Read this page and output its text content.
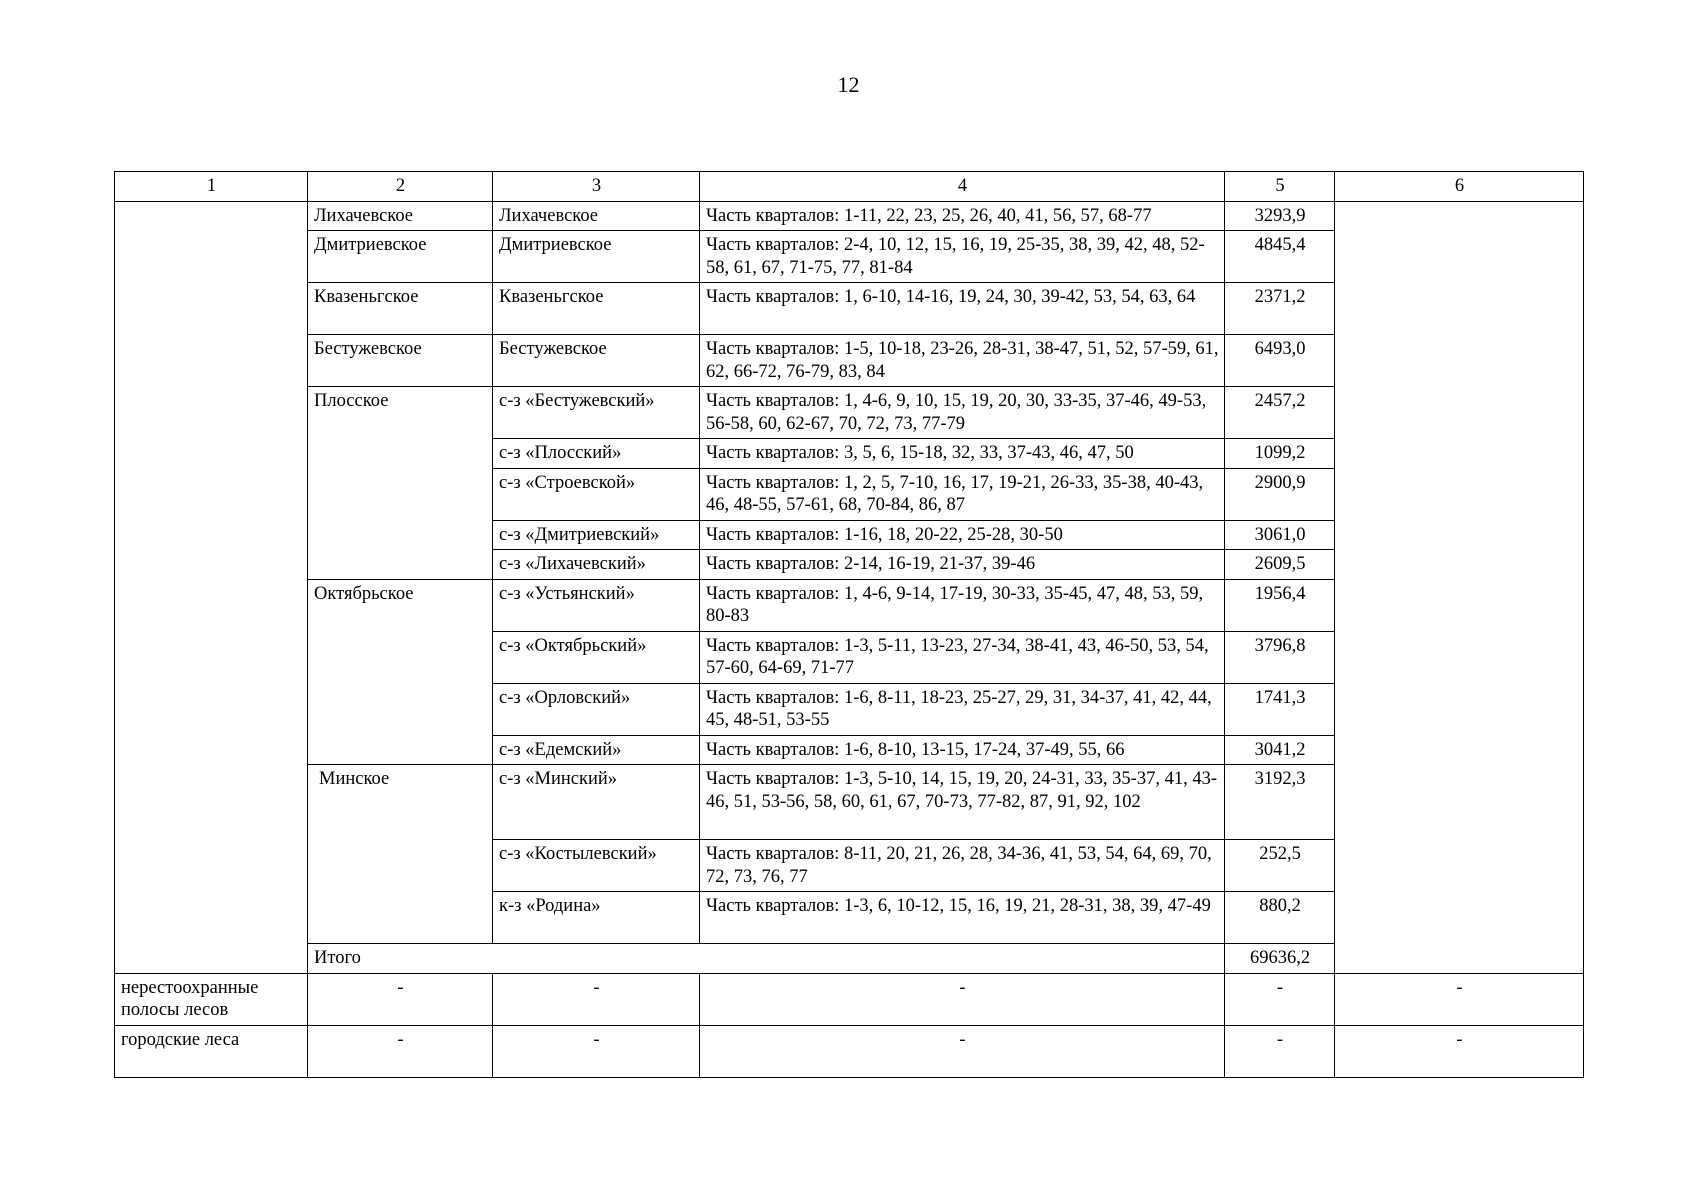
12
1	2	3	4	5	6
	Лихачевское	Лихачевское	Часть кварталов: 1-11, 22, 23, 25, 26, 40, 41, 56, 57, 68-77	3293,9	
	Дмитриевское	Дмитриевское	Часть кварталов: 2-4, 10, 12, 15, 16, 19, 25-35, 38, 39, 42, 48, 52-58, 61, 67, 71-75, 77, 81-84	4845,4	
	Квазеньгское	Квазеньгское	Часть кварталов: 1, 6-10, 14-16, 19, 24, 30, 39-42, 53, 54, 63, 64	2371,2	
	Бестужевское	Бестужевское	Часть кварталов: 1-5, 10-18, 23-26, 28-31, 38-47, 51, 52, 57-59, 61, 62, 66-72, 76-79, 83, 84	6493,0	
	Плосское	с-з «Бестужевский»	Часть кварталов: 1, 4-6, 9, 10, 15, 19, 20, 30, 33-35, 37-46, 49-53, 56-58, 60, 62-67, 70, 72, 73, 77-79	2457,2	
		с-з «Плосский»	Часть кварталов: 3, 5, 6, 15-18, 32, 33, 37-43, 46, 47, 50	1099,2	
		с-з «Строевской»	Часть кварталов: 1, 2, 5, 7-10, 16, 17, 19-21, 26-33, 35-38, 40-43, 46, 48-55, 57-61, 68, 70-84, 86, 87	2900,9	
		с-з «Дмитриевский»	Часть кварталов: 1-16, 18, 20-22, 25-28, 30-50	3061,0	
		с-з «Лихачевский»	Часть кварталов: 2-14, 16-19, 21-37, 39-46	2609,5	
	Октябрьское	с-з «Устьянский»	Часть кварталов: 1, 4-6, 9-14, 17-19, 30-33, 35-45, 47, 48, 53, 59, 80-83	1956,4	
		с-з «Октябрьский»	Часть кварталов: 1-3, 5-11, 13-23, 27-34, 38-41, 43, 46-50, 53, 54, 57-60, 64-69, 71-77	3796,8	
		с-з «Орловский»	Часть кварталов: 1-6, 8-11, 18-23, 25-27, 29, 31, 34-37, 41, 42, 44, 45, 48-51, 53-55	1741,3	
		с-з «Едемский»	Часть кварталов: 1-6, 8-10, 13-15, 17-24, 37-49, 55, 66	3041,2	
	Минское	с-з «Минский»	Часть кварталов: 1-3, 5-10, 14, 15, 19, 20, 24-31, 33, 35-37, 41, 43-46, 51, 53-56, 58, 60, 61, 67, 70-73, 77-82, 87, 91, 92, 102	3192,3	
		с-з «Костылевский»	Часть кварталов: 8-11, 20, 21, 26, 28, 34-36, 41, 53, 54, 64, 69, 70, 72, 73, 76, 77	252,5	
		к-з «Родина»	Часть кварталов: 1-3, 6, 10-12, 15, 16, 19, 21, 28-31, 38, 39, 47-49	880,2	
	Итого			69636,2	
нерестоохранные полосы лесов	-	-	-	-	-
городские леса	-	-	-	-	-
